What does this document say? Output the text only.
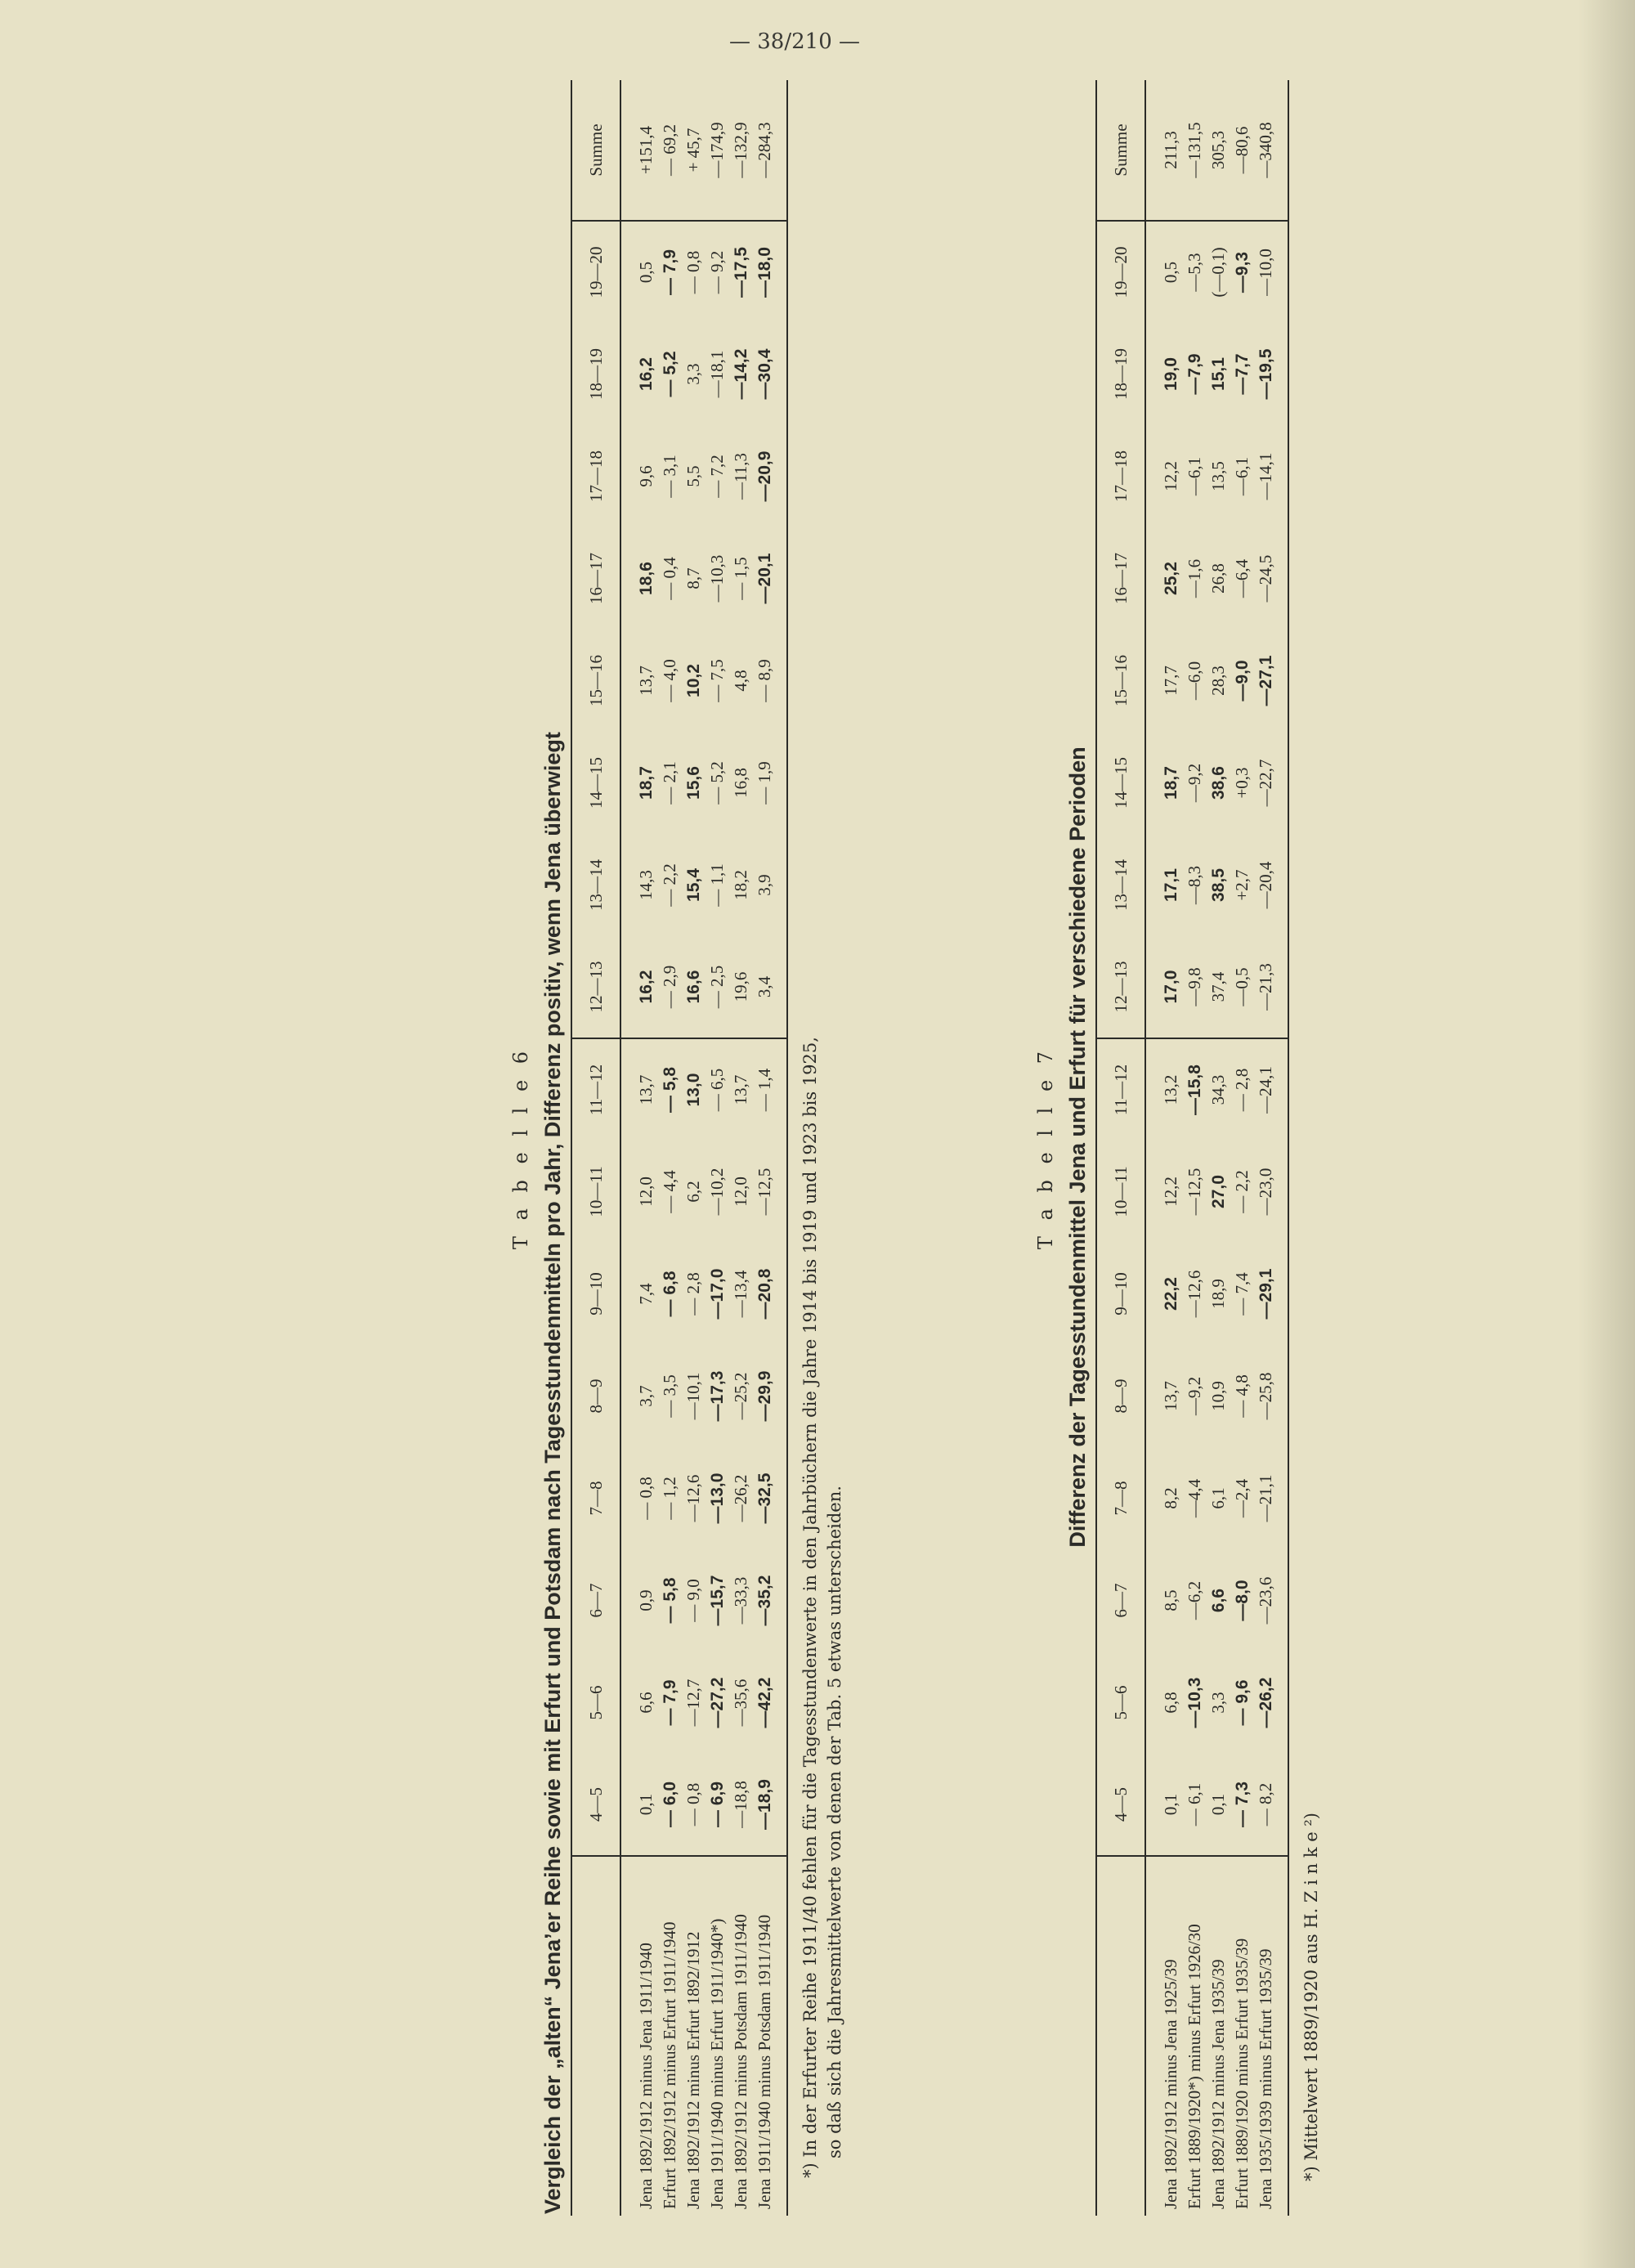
— 38/210 —
T a b e l l e 6 Vergleich der „alten“ Jena’er Reihe sowie mit Erfurt und Potsdam nach Tagesstundenmitteln pro Jahr, Differenz positiv, wenn Jena überwiegt
		4—5	5—6	6—7	7—8	8—9	9—10	10—11	11—12	12—13	13—14	14—15	15—16	16—17	17—18	18—19	19—20	Summe
Jena 1892/1912 minus Jena 1911/1940	0,1	6,6	0,9	— 0,8	3,7	7,4	12,0	13,7	16,2	14,3	18,7	13,7	18,6	9,6	16,2	0,5	+151,4
Erfurt 1892/1912 minus Erfurt 1911/1940	— 6,0	— 7,9	— 5,8	— 1,2	— 3,5	— 6,8	— 4,4	— 5,8	— 2,9	— 2,2	— 2,1	— 4,0	— 0,4	— 3,1	— 5,2	— 7,9	— 69,2
Jena 1892/1912 minus Erfurt 1892/1912	— 0,8	—12,7	— 9,0	—12,6	—10,1	— 2,8	6,2	13,0	16,6	15,4	15,6	10,2	8,7	5,5	3,3	— 0,8	+ 45,7
Jena 1911/1940 minus Erfurt 1911/1940*)	— 6,9	—27,2	—15,7	—13,0	—17,3	—17,0	—10,2	— 6,5	— 2,5	— 1,1	— 5,2	— 7,5	—10,3	— 7,2	—18,1	— 9,2	—174,9
Jena 1892/1912 minus Potsdam 1911/1940	—18,8	—35,6	—33,3	—26,2	—25,2	—13,4	12,0	13,7	19,6	18,2	16,8	4,8	— 1,5	—11,3	—14,2	—17,5	—132,9
Jena 1911/1940 minus Potsdam 1911/1940	—18,9	—42,2	—35,2	—32,5	—29,9	—20,8	—12,5	— 1,4	3,4	3,9	— 1,9	— 8,9	—20,1	—20,9	—30,4	—18,0	—284,3
*) In der Erfurter Reihe 1911/40 fehlen für die Tagesstundenwerte in den Jahrbüchern die Jahre 1914 bis 1919 und 1923 bis 1925, so daß sich die Jahresmittelwerte von denen der Tab. 5 etwas unterscheiden.
T a b e l l e 7 Differenz der Tagesstundenmittel Jena und Erfurt für verschiedene Perioden
	4—5	5—6	6—7	7—8	8—9	9—10	10—11	11—12	12—13	13—14	14—15	15—16	16—17	17—18	18—19	19—20	Summe
Jena 1892/1912 minus Jena 1925/39	0,1	6,8	8,5	8,2	13,7	22,2	12,2	13,2	17,0	17,1	18,7	17,7	25,2	12,2	19,0	0,5	211,3
Erfurt 1889/1920*) minus Erfurt 1926/30	— 6,1	—10,3	—6,2	—4,4	—9,2	—12,6	—12,5	—15,8	—9,8	—8,3	—9,2	—6,0	—1,6	—6,1	—7,9	—5,3	—131,5
Jena 1892/1912 minus Jena 1935/39	0,1	3,3	6,6	6,1	10,9	18,9	27,0	34,3	37,4	38,5	38,6	28,3	26,8	13,5	15,1	(—0,1)	305,3
Erfurt 1889/1920 minus Erfurt 1935/39	— 7,3	— 9,6	—8,0	—2,4	— 4,8	— 7,4	— 2,2	— 2,8	—0,5	+2,7	+0,3	—9,0	—6,4	—6,1	—7,7	—9,3	—80,6
Jena 1935/1939 minus Erfurt 1935/39	— 8,2	—26,2	—23,6	—21,1	—25,8	—29,1	—23,0	—24,1	—21,3	—20,4	—22,7	—27,1	—24,5	—14,1	—19,5	—10,0	—340,8
*) Mittelwert 1889/1920 aus H. Z i n k e ²)
